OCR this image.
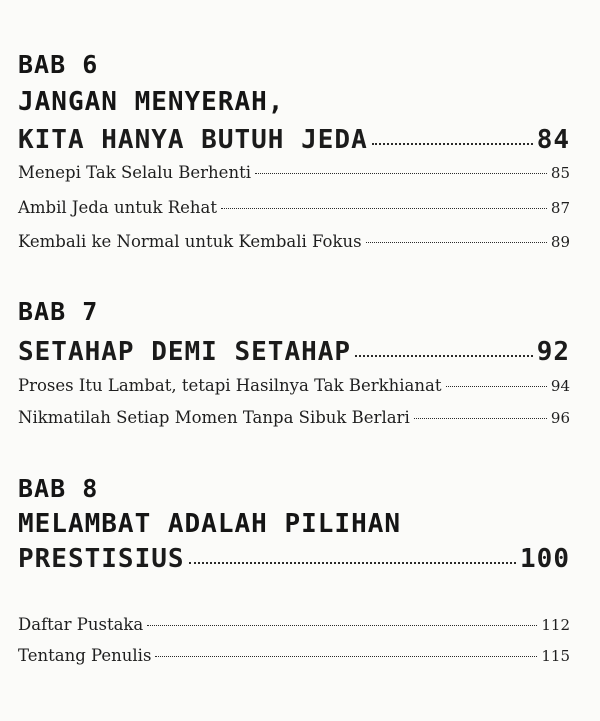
BAB 6
JANGAN MENYERAH,
KITA HANYA BUTUH JEDA	84
Menepi Tak Selalu Berhenti	85
Ambil Jeda untuk Rehat	87
Kembali ke Normal untuk Kembali Fokus	89
BAB 7
SETAHAP DEMI SETAHAP	92
Proses Itu Lambat, tetapi Hasilnya Tak Berkhianat	94
Nikmatilah Setiap Momen Tanpa Sibuk Berlari	96
BAB 8
MELAMBAT ADALAH PILIHAN
PRESTISIUS	100
Daftar Pustaka	112
Tentang Penulis	115
